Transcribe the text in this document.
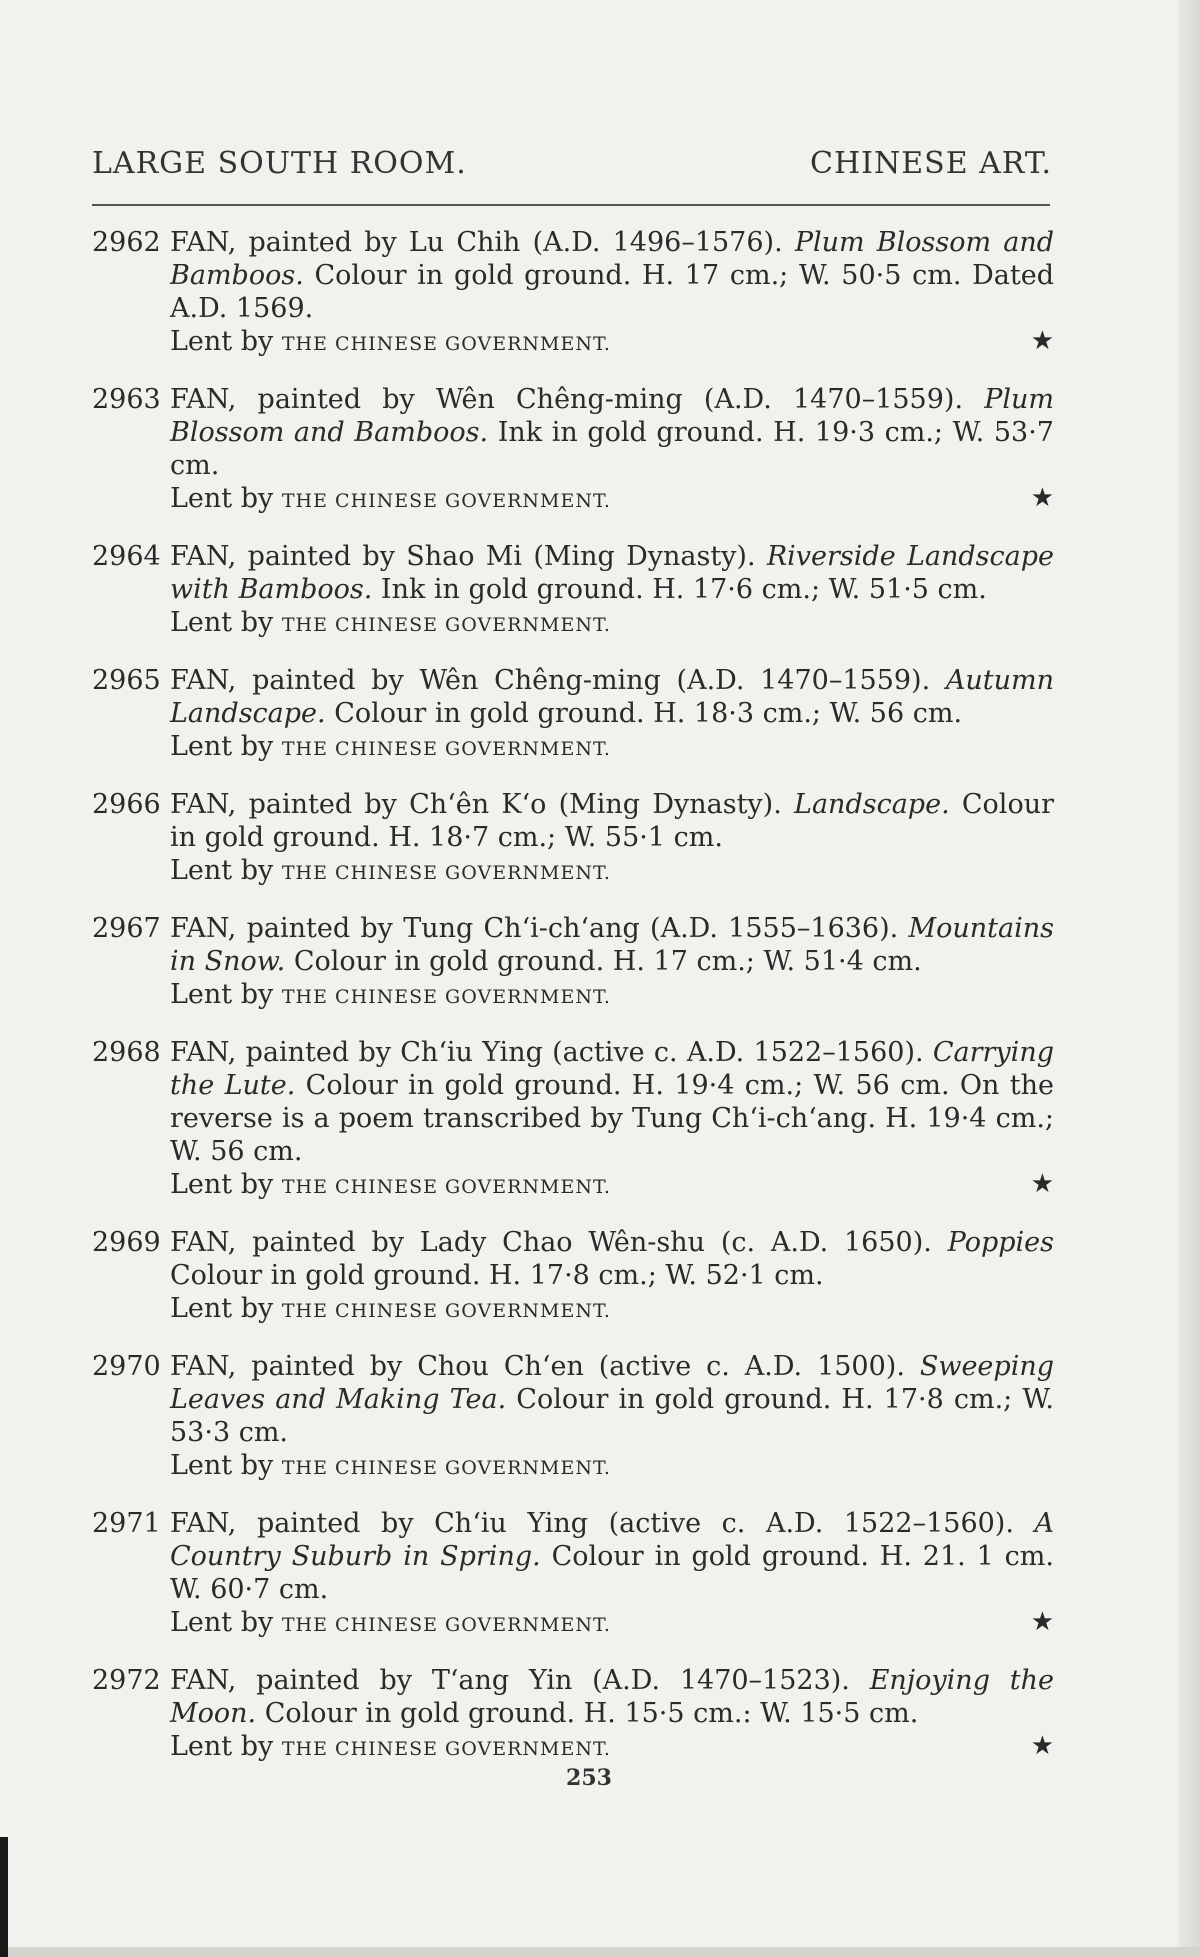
LARGE SOUTH ROOM.	CHINESE ART.
2962 FAN, painted by Lu Chih (A.D. 1496–1576). Plum Blossom and Bamboos. Colour in gold ground. H. 17 cm.; W. 50·5 cm. Dated A.D. 1569.

★
Lent by THE CHINESE GOVERNMENT.

2963 FAN, painted by Wên Chêng-ming (A.D. 1470–1559). Plum Blossom and Bamboos. Ink in gold ground. H. 19·3 cm.; W. 53·7 cm.

★
Lent by THE CHINESE GOVERNMENT.

2964 FAN, painted by Shao Mi (Ming Dynasty). Riverside Landscape with Bamboos. Ink in gold ground. H. 17·6 cm.; W. 51·5 cm.

Lent by THE CHINESE GOVERNMENT.

2965 FAN, painted by Wên Chêng-ming (A.D. 1470–1559). Autumn Landscape. Colour in gold ground. H. 18·3 cm.; W. 56 cm.

Lent by THE CHINESE GOVERNMENT.

2966 FAN, painted by Ch‘ên K‘o (Ming Dynasty). Landscape. Colour in gold ground. H. 18·7 cm.; W. 55·1 cm.

Lent by THE CHINESE GOVERNMENT.

2967 FAN, painted by Tung Ch‘i-ch‘ang (A.D. 1555–1636). Mountains in Snow. Colour in gold ground. H. 17 cm.; W. 51·4 cm.

Lent by THE CHINESE GOVERNMENT.

2968 FAN, painted by Ch‘iu Ying (active c. A.D. 1522–1560). Carrying the Lute. Colour in gold ground. H. 19·4 cm.; W. 56 cm. On the reverse is a poem transcribed by Tung Ch‘i-ch‘ang. H. 19·4 cm.; W. 56 cm.

★
Lent by THE CHINESE GOVERNMENT.

2969 FAN, painted by Lady Chao Wên-shu (c. A.D. 1650). Poppies Colour in gold ground. H. 17·8 cm.; W. 52·1 cm.

Lent by THE CHINESE GOVERNMENT.

2970 FAN, painted by Chou Ch‘en (active c. A.D. 1500). Sweeping Leaves and Making Tea. Colour in gold ground. H. 17·8 cm.; W. 53·3 cm.

Lent by THE CHINESE GOVERNMENT.

2971 FAN, painted by Ch‘iu Ying (active c. A.D. 1522–1560). A Country Suburb in Spring. Colour in gold ground. H. 21. 1 cm. W. 60·7 cm.

★
Lent by THE CHINESE GOVERNMENT.

2972 FAN, painted by T‘ang Yin (A.D. 1470–1523). Enjoying the Moon. Colour in gold ground. H. 15·5 cm.: W. 15·5 cm.

★
Lent by THE CHINESE GOVERNMENT.

253
